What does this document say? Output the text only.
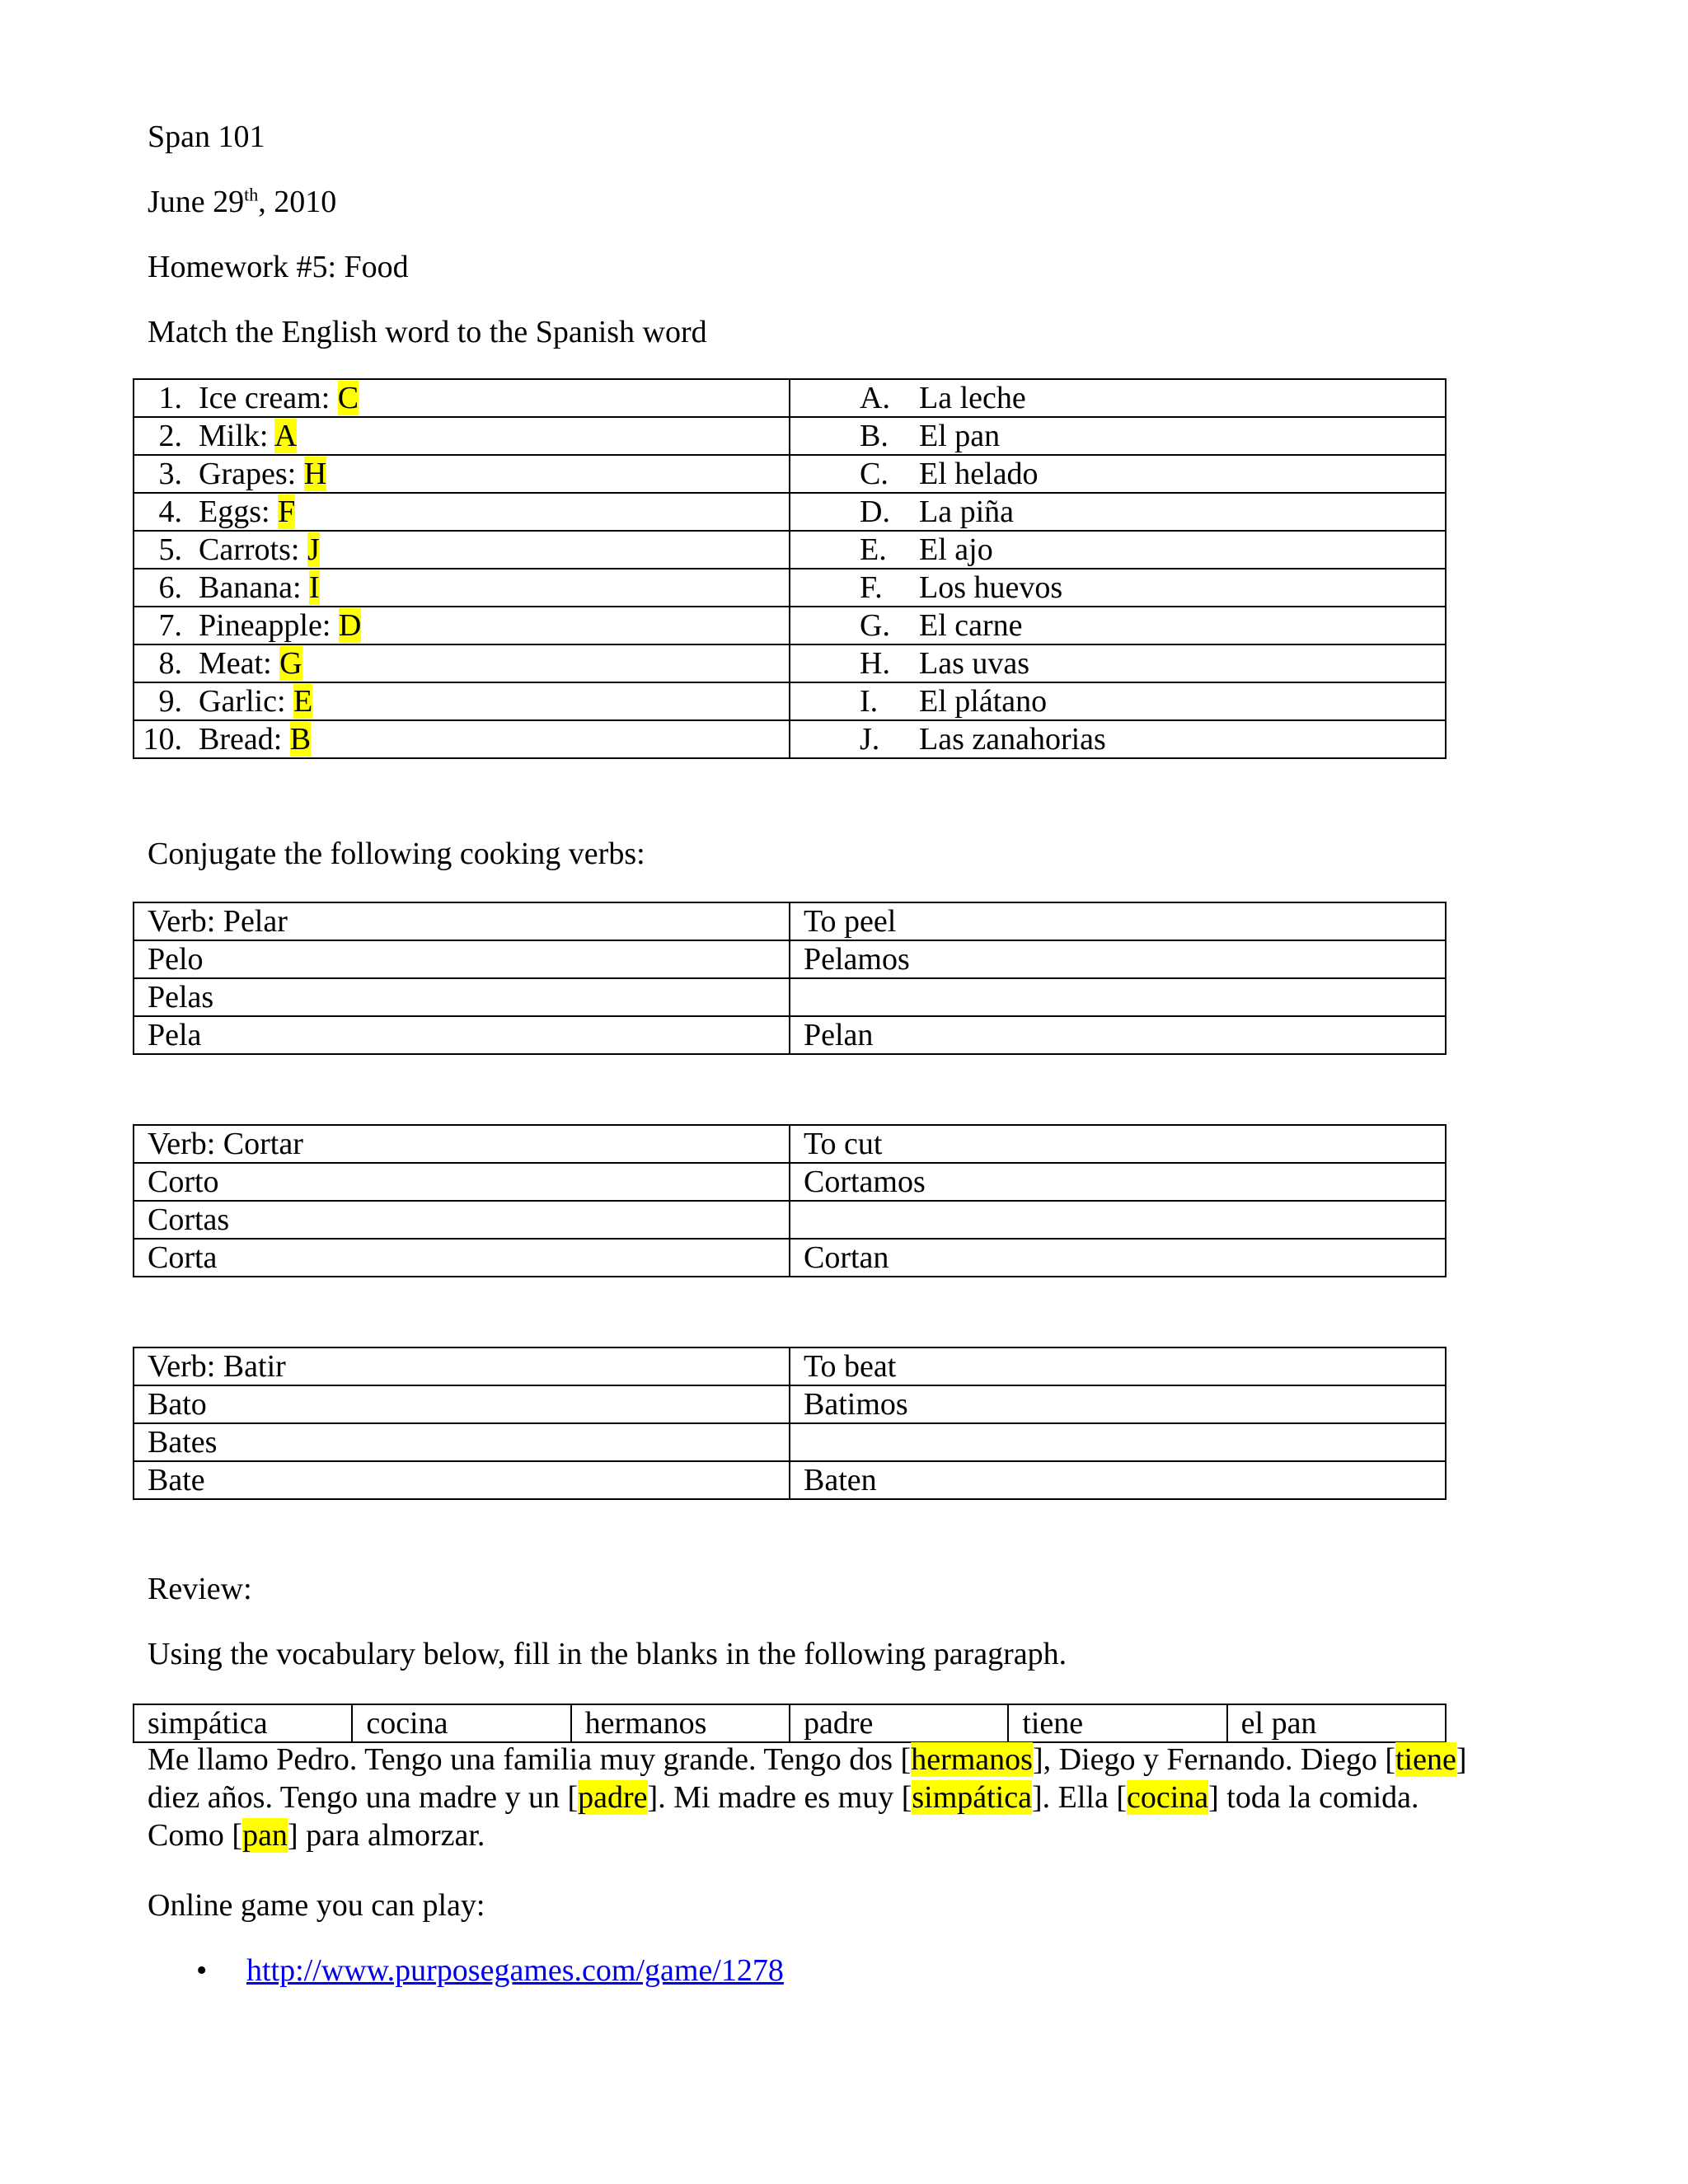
Span 101
June 29th, 2010
Homework #5: Food
Match the English word to the Spanish word
1. Ice cream: C	A. La leche
2. Milk: A	B. El pan
3. Grapes: H	C. El helado
4. Eggs: F	D. La piña
5. Carrots: J	E. El ajo
6. Banana: I	F. Los huevos
7. Pineapple: D	G. El carne
8. Meat: G	H. Las uvas
9. Garlic: E	I. El plátano
10. Bread: B	J. Las zanahorias
Conjugate the following cooking verbs:
Verb: Pelar	To peel
Pelo	Pelamos
Pelas	
Pela	Pelan
Verb: Cortar	To cut
Corto	Cortamos
Cortas	
Corta	Cortan
Verb: Batir	To beat
Bato	Batimos
Bates	
Bate	Baten
Review:
Using the vocabulary below, fill in the blanks in the following paragraph.
simpática	cocina	hermanos	padre	tiene	el pan
Me llamo Pedro. Tengo una familia muy grande. Tengo dos [hermanos], Diego y Fernando. Diego [tiene] diez años. Tengo una madre y un [padre]. Mi madre es muy [simpática]. Ella [cocina] toda la comida. Como [pan] para almorzar.
Online game you can play:
• http://www.purposegames.com/game/1278
